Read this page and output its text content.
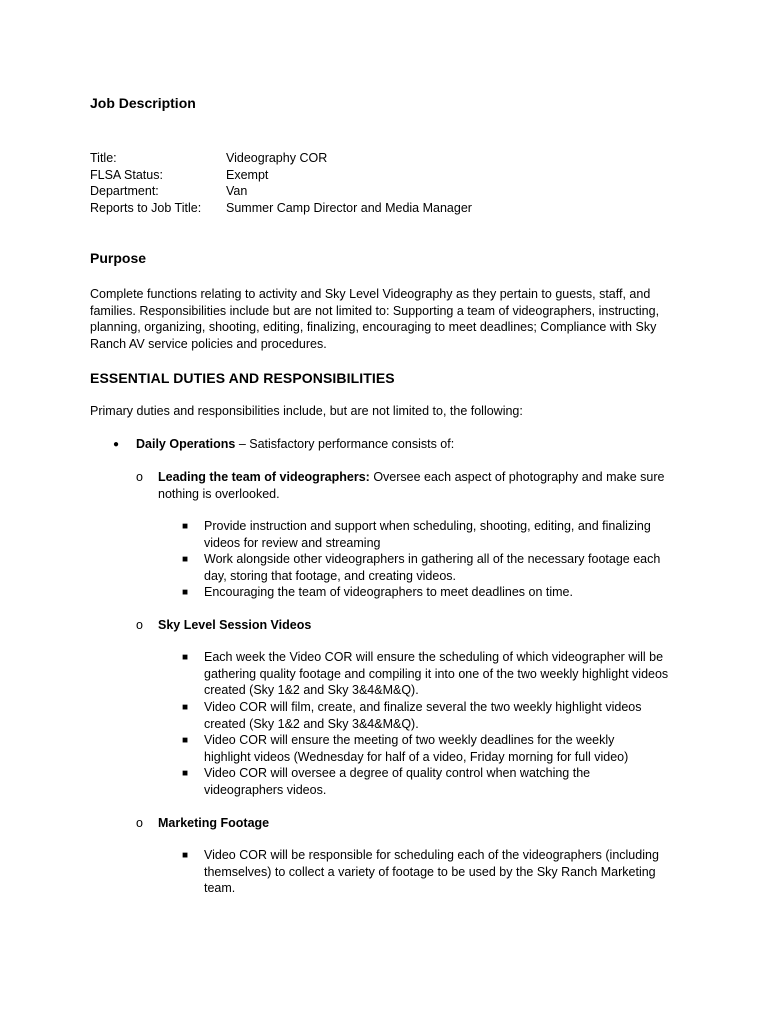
Job Description
Title:	Videography COR
FLSA Status:	Exempt
Department:	Van
Reports to Job Title: Summer Camp Director and Media Manager
Purpose
Complete functions relating to activity and Sky Level Videography as they pertain to guests, staff, and families. Responsibilities include but are not limited to: Supporting a team of videographers, instructing, planning, organizing, shooting, editing, finalizing, encouraging to meet deadlines; Compliance with Sky Ranch AV service policies and procedures.
ESSENTIAL DUTIES AND RESPONSIBILITIES
Primary duties and responsibilities include, but are not limited to, the following:
● Daily Operations – Satisfactory performance consists of:
o Leading the team of videographers: Oversee each aspect of photography and make sure nothing is overlooked.
■ Provide instruction and support when scheduling, shooting, editing, and finalizing videos for review and streaming
■ Work alongside other videographers in gathering all of the necessary footage each day, storing that footage, and creating videos.
■ Encouraging the team of videographers to meet deadlines on time.
o Sky Level Session Videos
■ Each week the Video COR will ensure the scheduling of which videographer will be gathering quality footage and compiling it into one of the two weekly highlight videos created (Sky 1&2 and Sky 3&4&M&Q).
■ Video COR will film, create, and finalize several the two weekly highlight videos created (Sky 1&2 and Sky 3&4&M&Q).
■ Video COR will ensure the meeting of two weekly deadlines for the weekly highlight videos (Wednesday for half of a video, Friday morning for full video)
■ Video COR will oversee a degree of quality control when watching the videographers videos.
o Marketing Footage
■ Video COR will be responsible for scheduling each of the videographers (including themselves) to collect a variety of footage to be used by the Sky Ranch Marketing team.
